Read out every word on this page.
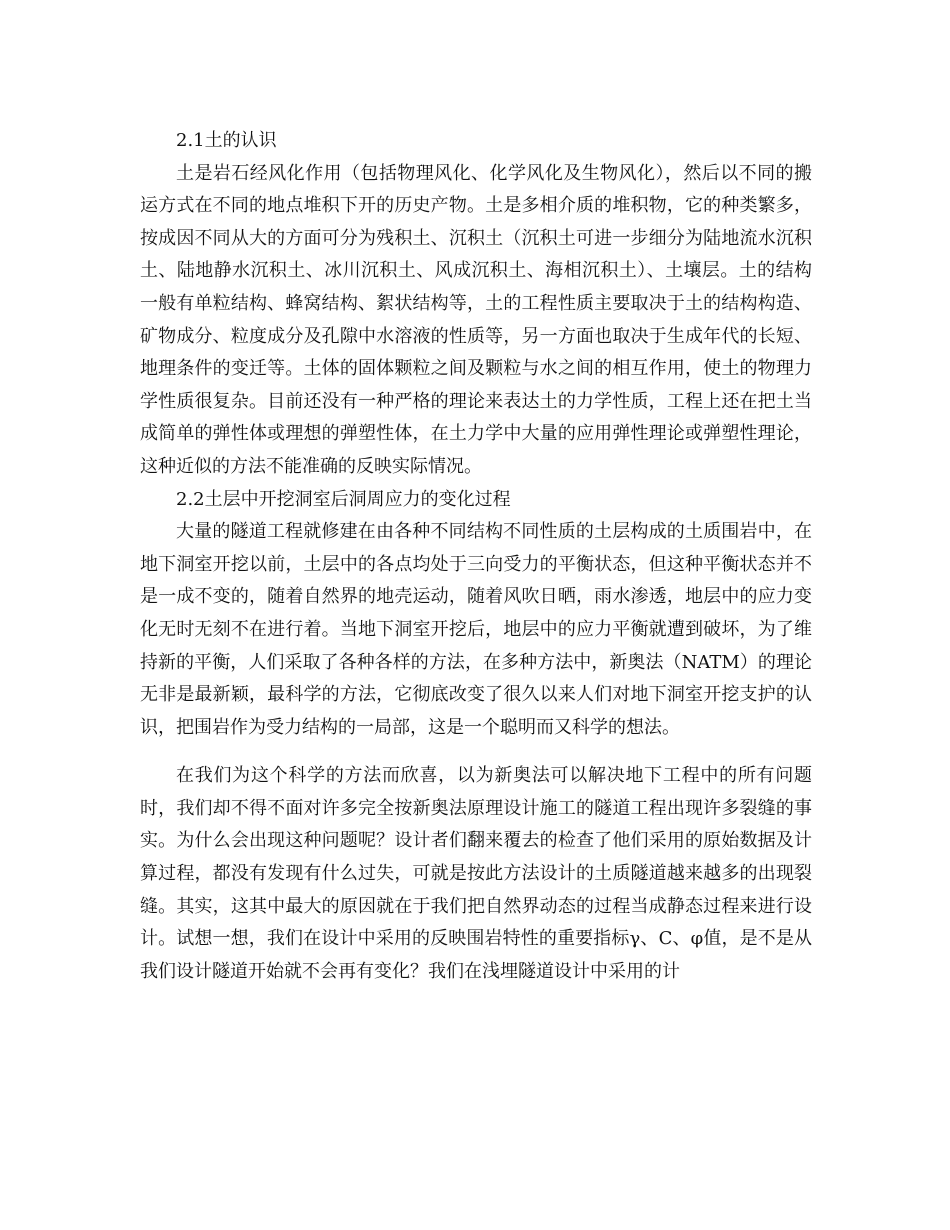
2.1土的认识

土是岩石经风化作用（包括物理风化、化学风化及生物风化），然后以不同的搬运方式在不同的地点堆积下开的历史产物。土是多相介质的堆积物，它的种类繁多，按成因不同从大的方面可分为残积土、沉积土（沉积土可进一步细分为陆地流水沉积土、陆地静水沉积土、冰川沉积土、风成沉积土、海相沉积土）、土壤层。土的结构一般有单粒结构、蜂窝结构、絮状结构等，土的工程性质主要取决于土的结构构造、矿物成分、粒度成分及孔隙中水溶液的性质等，另一方面也取决于生成年代的长短、地理条件的变迁等。土体的固体颗粒之间及颗粒与水之间的相互作用，使土的物理力学性质很复杂。目前还没有一种严格的理论来表达土的力学性质，工程上还在把土当成简单的弹性体或理想的弹塑性体，在土力学中大量的应用弹性理论或弹塑性理论，这种近似的方法不能准确的反映实际情况。

2.2土层中开挖洞室后洞周应力的变化过程

大量的隧道工程就修建在由各种不同结构不同性质的土层构成的土质围岩中，在地下洞室开挖以前，土层中的各点均处于三向受力的平衡状态，但这种平衡状态并不是一成不变的，随着自然界的地壳运动，随着风吹日晒，雨水渗透，地层中的应力变化无时无刻不在进行着。当地下洞室开挖后，地层中的应力平衡就遭到破坏，为了维持新的平衡，人们采取了各种各样的方法，在多种方法中，新奥法（NATM）的理论无非是最新颖，最科学的方法，它彻底改变了很久以来人们对地下洞室开挖支护的认识，把围岩作为受力结构的一局部，这是一个聪明而又科学的想法。

在我们为这个科学的方法而欣喜，以为新奥法可以解决地下工程中的所有问题时，我们却不得不面对许多完全按新奥法原理设计施工的隧道工程出现许多裂缝的事实。为什么会出现这种问题呢？设计者们翻来覆去的检查了他们采用的原始数据及计算过程，都没有发现有什么过失，可就是按此方法设计的土质隧道越来越多的出现裂缝。其实，这其中最大的原因就在于我们把自然界动态的过程当成静态过程来进行设计。试想一想，我们在设计中采用的反映围岩特性的重要指标γ、C、φ值，是不是从我们设计隧道开始就不会再有变化？我们在浅埋隧道设计中采用的计
